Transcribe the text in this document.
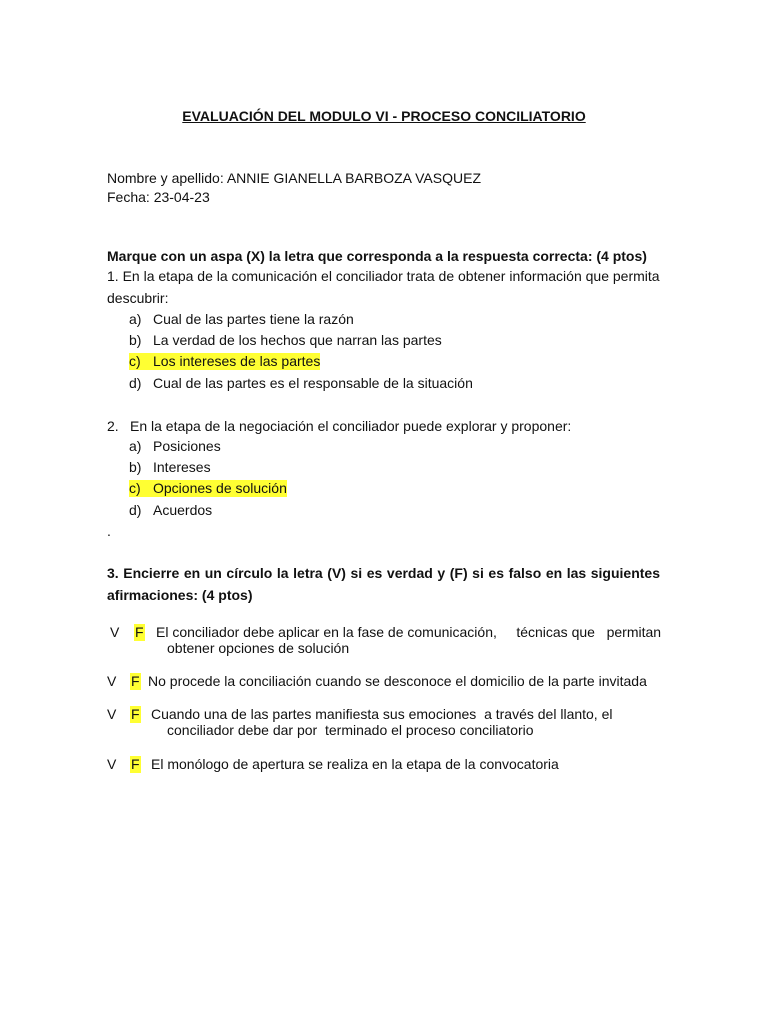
EVALUACIÓN DEL MODULO VI - PROCESO CONCILIATORIO
Nombre y apellido: ANNIE GIANELLA BARBOZA VASQUEZ
Fecha: 23-04-23
Marque con un aspa (X) la letra que corresponda a la respuesta correcta: (4 ptos)
1. En la etapa de la comunicación el conciliador trata de obtener información que permita
descubrir:
a) Cual de las partes tiene la razón
b) La verdad de los hechos que narran las partes
c) Los intereses de las partes
d) Cual de las partes es el responsable de la situación
2. En la etapa de la negociación el conciliador puede explorar y proponer:
a) Posiciones
b) Intereses
c) Opciones de solución
d) Acuerdos
.
3. Encierre en un círculo la letra (V) si es verdad y (F) si es falso en las siguientes
afirmaciones: (4 ptos)
V F El conciliador debe aplicar en la fase de comunicación,     técnicas que   permitan
obtener opciones de solución
V F No procede la conciliación cuando se desconoce el domicilio de la parte invitada
V F Cuando una de las partes manifiesta sus emociones  a través del llanto, el
conciliador debe dar por  terminado el proceso conciliatorio
V F El monólogo de apertura se realiza en la etapa de la convocatoria
